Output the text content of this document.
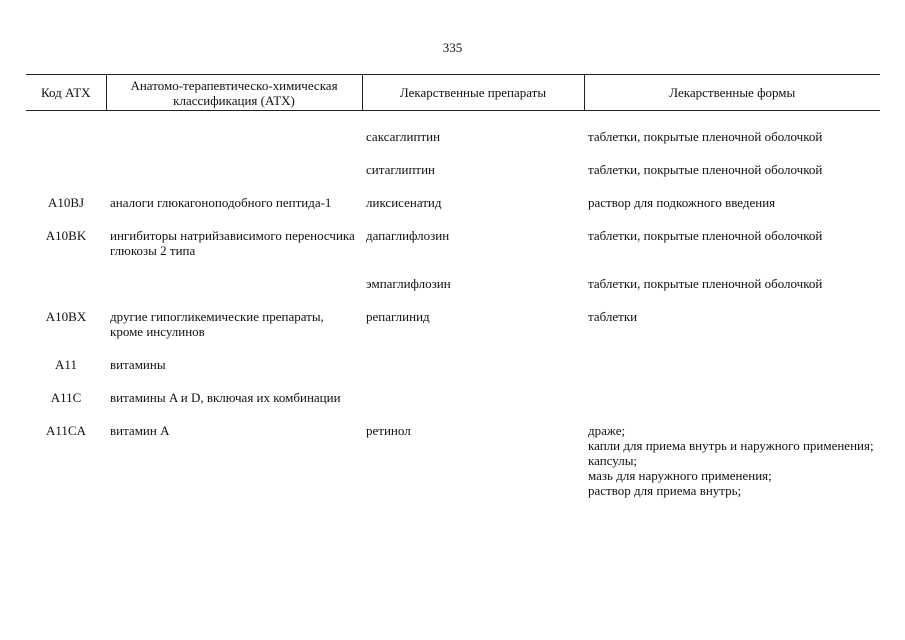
335
Код АТХ	Анатомо-терапевтическо-химическая классификация (АТХ)	Лекарственные препараты	Лекарственные формы

		саксаглиптин	таблетки, покрытые пленочной оболочкой

		ситаглиптин	таблетки, покрытые пленочной оболочкой

A10BJ	аналоги глюкагоноподобного пептида-1	ликсисенатид	раствор для подкожного введения

A10BK	ингибиторы натрийзависимого переносчика глюкозы 2 типа	дапаглифлозин	таблетки, покрытые пленочной оболочкой

		эмпаглифлозин	таблетки, покрытые пленочной оболочкой

A10BX	другие гипогликемические препараты, кроме инсулинов	репаглинид	таблетки

A11	витамины		

A11C	витамины A и D, включая их комбинации		

A11CA	витамин A	ретинол	драже;
капли для приема внутрь и наружного применения;
капсулы;
мазь для наружного применения;
раствор для приема внутрь;
